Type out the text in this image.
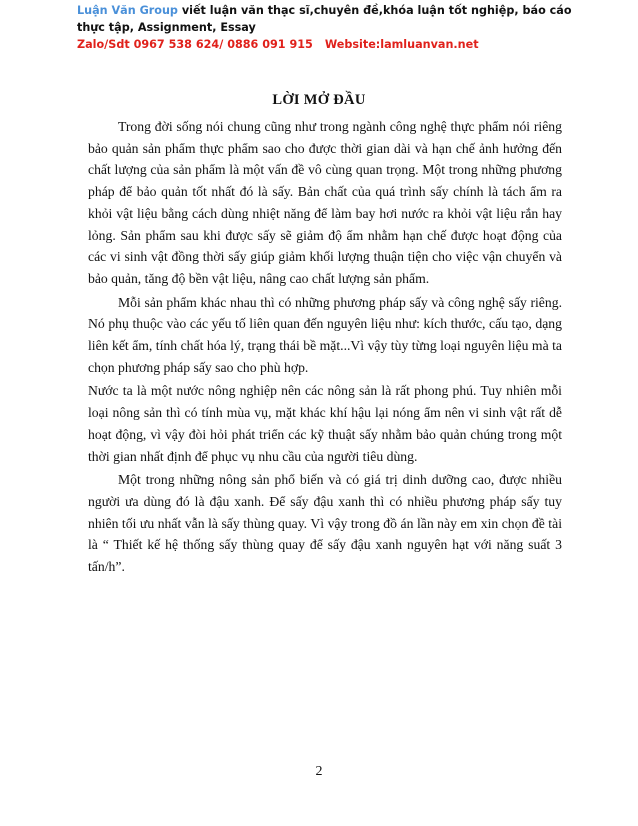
Luận Văn Group viết luận văn thạc sĩ,chuyên đề,khóa luận tốt nghiệp, báo cáo thực tập, Assignment, Essay
Zalo/Sdt 0967 538 624/ 0886 091 915 Website:lamluanvan.net
LỜI MỞ ĐẦU

Trong đời sống nói chung cũng như trong ngành công nghệ thực phẩm nói riêng bảo quản sản phẩm thực phẩm sao cho được thời gian dài và hạn chế ảnh hưởng đến chất lượng của sản phẩm là một vấn đề vô cùng quan trọng. Một trong những phương pháp để bảo quản tốt nhất đó là sấy. Bản chất của quá trình sấy chính là tách ẩm ra khỏi vật liệu bằng cách dùng nhiệt năng để làm bay hơi nước ra khỏi vật liệu rắn hay lỏng. Sản phẩm sau khi được sấy sẽ giảm độ ẩm nhằm hạn chế được hoạt động của các vi sinh vật đồng thời sấy giúp giảm khối lượng thuận tiện cho việc vận chuyển và bảo quản, tăng độ bền vật liệu, nâng cao chất lượng sản phẩm.

Mỗi sản phẩm khác nhau thì có những phương pháp sấy và công nghệ sấy riêng. Nó phụ thuộc vào các yếu tố liên quan đến nguyên liệu như: kích thước, cấu tạo, dạng liên kết ẩm, tính chất hóa lý, trạng thái bề mặt...Vì vậy tùy từng loại nguyên liệu mà ta chọn phương pháp sấy sao cho phù hợp.

Nước ta là một nước nông nghiệp nên các nông sản là rất phong phú. Tuy nhiên mỗi loại nông sản thì có tính mùa vụ, mặt khác khí hậu lại nóng ẩm nên vi sinh vật rất dễ hoạt động, vì vậy đòi hỏi phát triển các kỹ thuật sấy nhằm bảo quản chúng trong một thời gian nhất định để phục vụ nhu cầu của người tiêu dùng.

Một trong những nông sản phổ biến và có giá trị dinh dưỡng cao, được nhiều người ưa dùng đó là đậu xanh. Để sấy đậu xanh thì có nhiều phương pháp sấy tuy nhiên tối ưu nhất vẫn là sấy thùng quay. Vì vậy trong đồ án lần này em xin chọn đề tài là “ Thiết kế hệ thống sấy thùng quay để sấy đậu xanh nguyên hạt với năng suất 3 tấn/h”.

2
